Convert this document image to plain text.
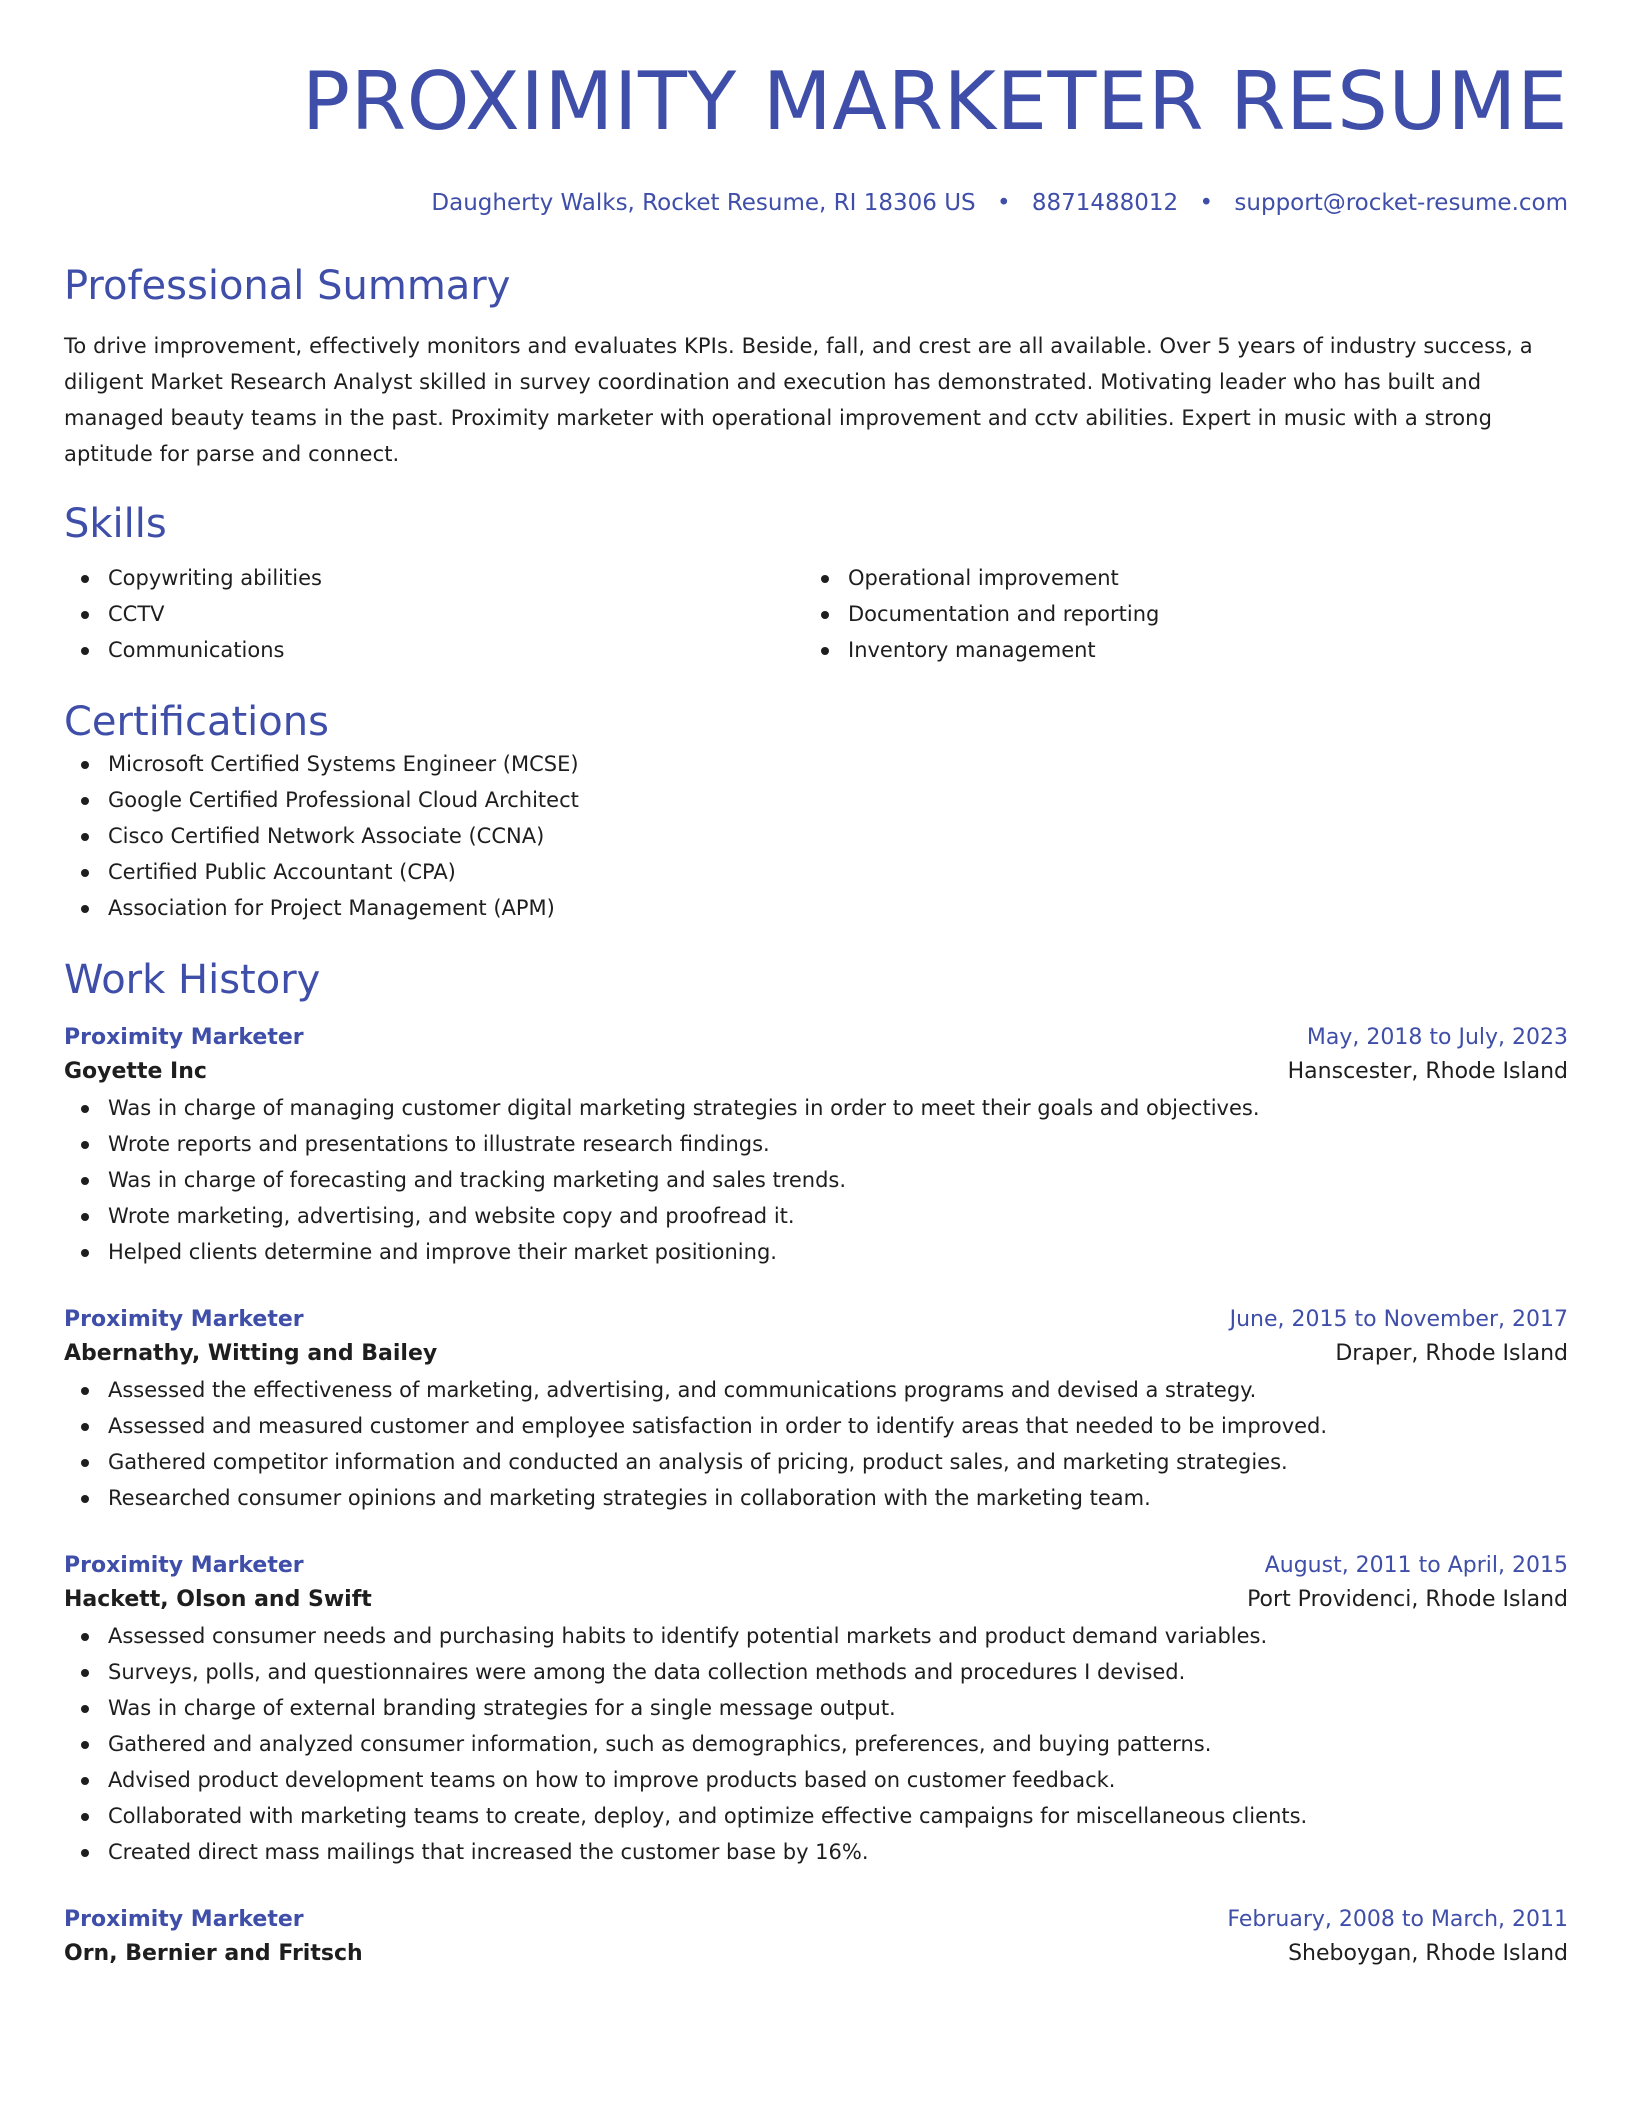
PROXIMITY MARKETER RESUME
Daugherty Walks, Rocket Resume, RI 18306 US • 8871488012 • support@rocket-resume.com
Professional Summary

To drive improvement, effectively monitors and evaluates KPIs. Beside, fall, and crest are all available. Over 5 years of industry success, a diligent Market Research Analyst skilled in survey coordination and execution has demonstrated. Motivating leader who has built and managed beauty teams in the past. Proximity marketer with operational improvement and cctv abilities. Expert in music with a strong aptitude for parse and connect.

Skills
Copywriting abilities
CCTV
Communications
Operational improvement
Documentation and reporting
Inventory management
Certifications
Microsoft Certified Systems Engineer (MCSE)
Google Certified Professional Cloud Architect
Cisco Certified Network Associate (CCNA)
Certified Public Accountant (CPA)
Association for Project Management (APM)
Work History
Proximity Marketer	May, 2018 to July, 2023
Goyette Inc	Hanscester, Rhode Island
Was in charge of managing customer digital marketing strategies in order to meet their goals and objectives.
Wrote reports and presentations to illustrate research findings.
Was in charge of forecasting and tracking marketing and sales trends.
Wrote marketing, advertising, and website copy and proofread it.
Helped clients determine and improve their market positioning.
Proximity Marketer	June, 2015 to November, 2017
Abernathy, Witting and Bailey	Draper, Rhode Island
Assessed the effectiveness of marketing, advertising, and communications programs and devised a strategy.
Assessed and measured customer and employee satisfaction in order to identify areas that needed to be improved.
Gathered competitor information and conducted an analysis of pricing, product sales, and marketing strategies.
Researched consumer opinions and marketing strategies in collaboration with the marketing team.
Proximity Marketer	August, 2011 to April, 2015
Hackett, Olson and Swift	Port Providenci, Rhode Island
Assessed consumer needs and purchasing habits to identify potential markets and product demand variables.
Surveys, polls, and questionnaires were among the data collection methods and procedures I devised.
Was in charge of external branding strategies for a single message output.
Gathered and analyzed consumer information, such as demographics, preferences, and buying patterns.
Advised product development teams on how to improve products based on customer feedback.
Collaborated with marketing teams to create, deploy, and optimize effective campaigns for miscellaneous clients.
Created direct mass mailings that increased the customer base by 16%.
Proximity Marketer	February, 2008 to March, 2011
Orn, Bernier and Fritsch	Sheboygan, Rhode Island
